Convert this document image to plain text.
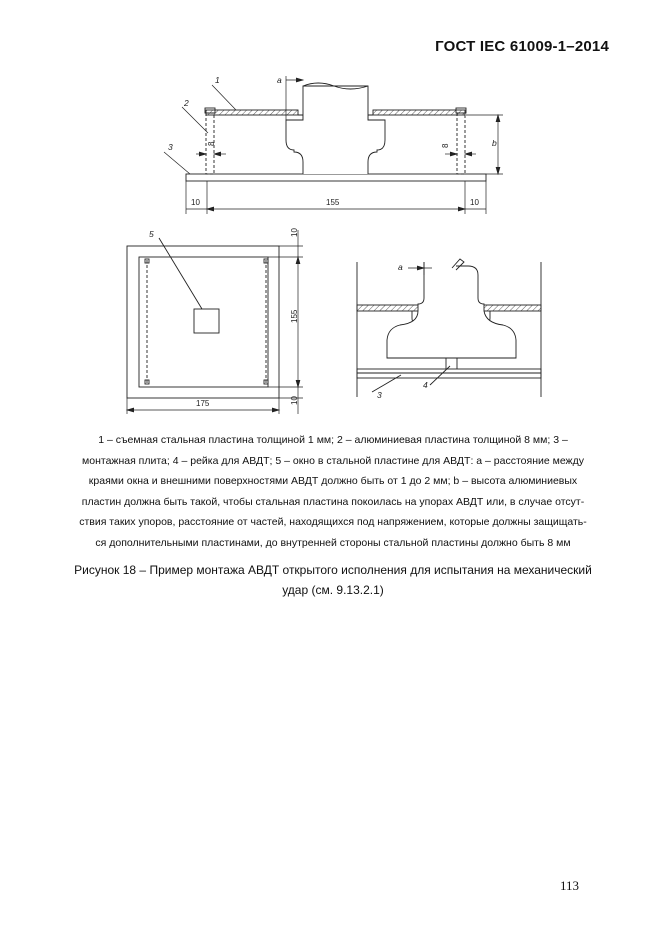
ГОСТ IEC 61009-1–2014
a
b
8	8
10	155	10
1
2
3
5	10
155
10
175
a
3
4
1 – съемная стальная пластина толщиной 1 мм; 2 – алюминиевая пластина толщиной 8 мм; 3 –
монтажная плита; 4 – рейка для АВДТ; 5 – окно в стальной пластине для АВДТ: a – расстояние между
краями окна и внешними поверхностями АВДТ должно быть от 1 до 2 мм; b – высота алюминиевых
пластин должна быть такой, чтобы стальная пластина покоилась на упорах АВДТ или, в случае отсут-
ствия таких упоров, расстояние от частей, находящихся под напряжением, которые должны защищать-
ся дополнительными пластинами, до внутренней стороны стальной пластины должно быть 8 мм
Рисунок 18 – Пример монтажа АВДТ открытого исполнения для испытания на механический
удар (см. 9.13.2.1)
113
